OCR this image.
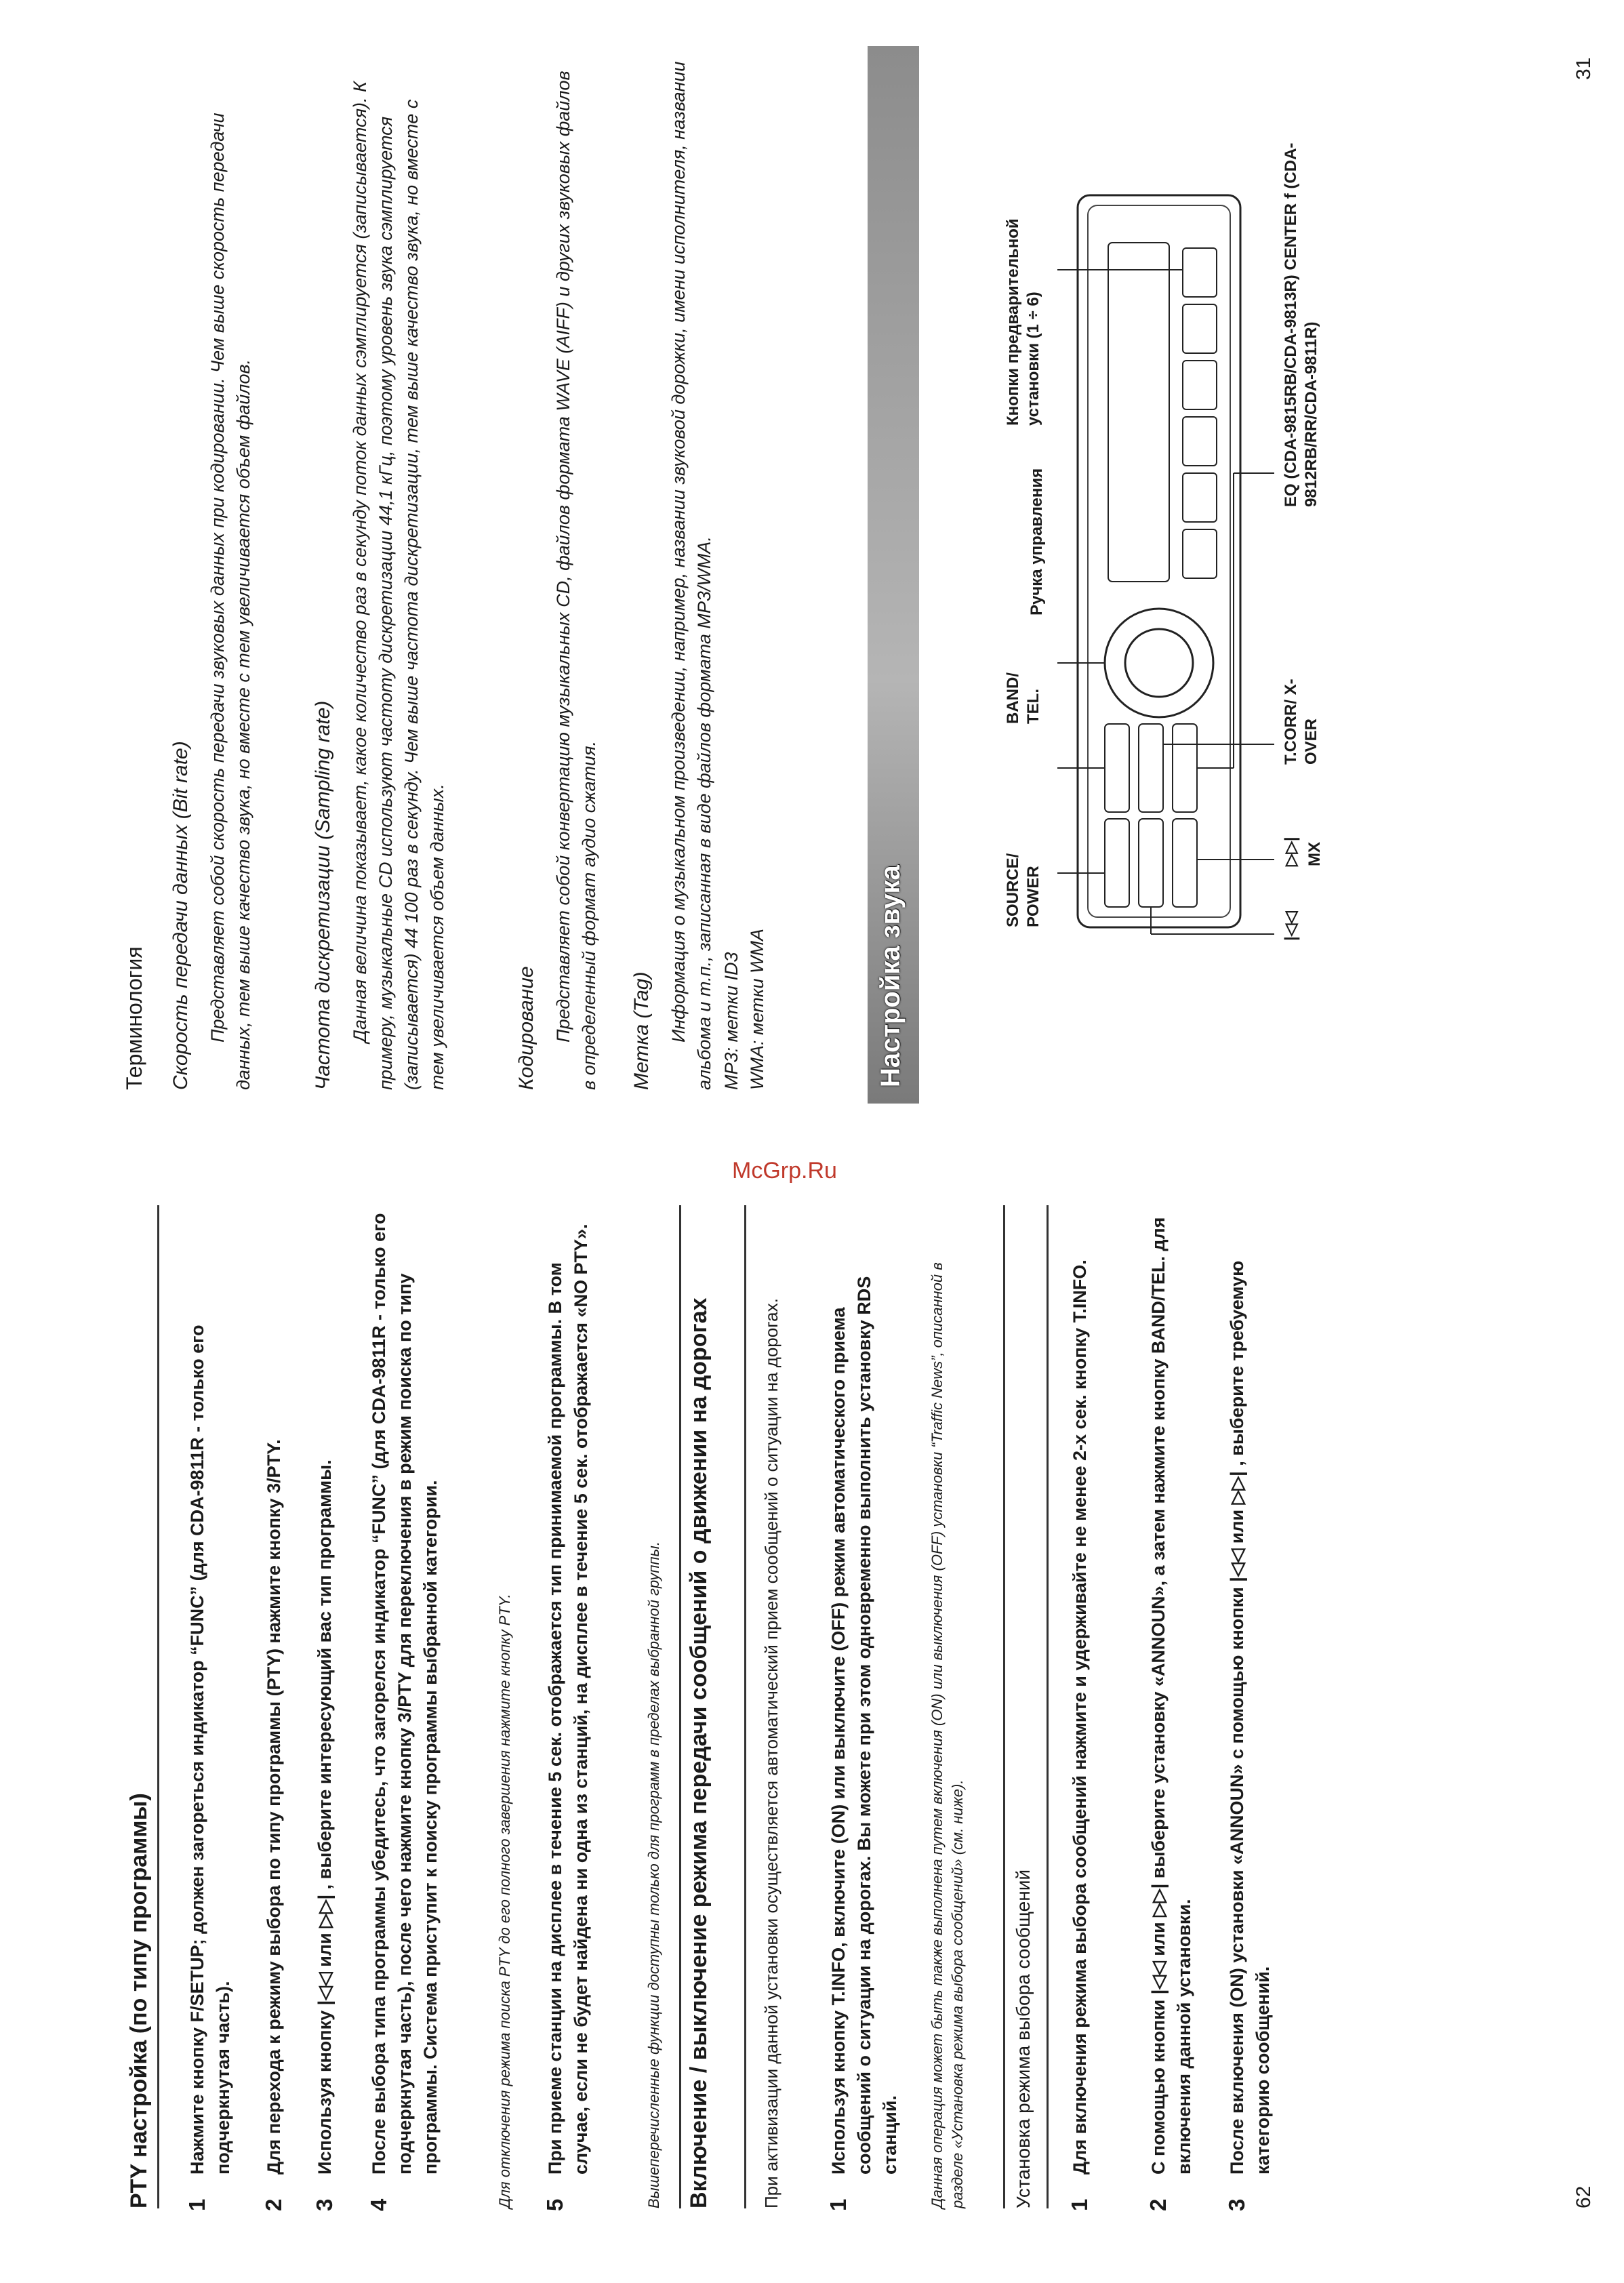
62
PTY настройка (по типу программы) 1
Нажмите кнопку F/SETUP; должен загореться индикатор “FUNC” (для CDA-9811R - только его подчеркнутая часть).
2
Для перехода к режиму выбора по типу программы (PTY) нажмите кнопку 3/PTY.
3
Используя кнопку |◁◁ или ▷▷| , выберите интересующий вас тип программы.
4
После выбора типа программы убедитесь, что загорелся индикатор “FUNC” (для CDA-9811R - только его подчеркнутая часть), после чего нажмите кнопку 3/PTY для переключения в режим поиска по типу программы. Система приступит к поиску программы выбранной категории.	Для отключения режима поиска PTY до его полного завершения нажмите кнопку PTY. 5
При приеме станции на дисплее в течение 5 сек. отображается тип принимаемой программы. В том случае, если не будет найдена ни одна из станций, на дисплее в течение 5 сек. отображается «NO PTY».	Вышеперечисленные функции доступны только для программ в пределах выбранной группы. Включение / выключение режима передачи сообщений о движении на дорогах	При активизации данной установки осуществляется автоматический прием сообщений о ситуации на дорогах. 1
Используя кнопку T.INFO, включите (ON) или выключите (OFF) режим автоматического приема сообщений о ситуации на дорогах. Вы можете при этом одновременно выполнить установку RDS станций. Данная операция может быть также выполнена путем включения (ON) или выключения (OFF) установки “Traffic News”, описанной в разделе «Установка режима выбора сообщений» (см. ниже). Установка режима выбора сообщений 1
Для включения режима выбора сообщений нажмите и удерживайте не менее 2-х сек. кнопку T.INFO.
2
С помощью кнопки |◁◁ или ▷▷| выберите установку «ANNOUN», а затем нажмите кнопку BAND/TEL. для включения данной установки.
3
После включения (ON) установки «ANNOUN» с помощью кнопки |◁◁ или ▷▷| , выберите требуемую категорию сообщений.
McGrp.Ru
31
Терминология Скорость передачи данных (Bit rate) Представляет собой скорость передачи звуковых данных при кодировании. Чем выше скорость передачи данных, тем выше качество звука, но вместе с тем увеличивается объем файлов.	Частота дискретизации (Sampling rate) Данная величина показывает, какое количество раз в секунду поток данных сэмплируется (записывается). К примеру, музыкальные CD используют частоту дискретизации 44,1 кГц, поэтому уровень звука сэмплируется (записывается) 44 100 раз в секунду. Чем выше частота дискретизации, тем выше качество звука, но вместе с тем увеличивается объем данных.	Кодирование Представляет собой конвертацию музыкальных CD, файлов формата WAVE (AIFF) и других звуковых файлов в определенный формат аудио сжатия. Метка (Tag) Информация о музыкальном произведении, например, названии звуковой дорожки, имени исполнителя, названии альбома и т.п., записанная в виде файлов формата MP3/WMA. MP3: метки ID3 WMA: метки WMA	Настройка звука	SOURCE/ POWER
BAND/ TEL.
Ручка управления
Кнопки предварительной установки (1 ÷ 6)
|◁◁
▷▷| MX
T.CORR/ X-OVER
EQ (CDA-9815RB/CDA-9813R) CENTER f (CDA-9812RB/RR/CDA-9811R)
